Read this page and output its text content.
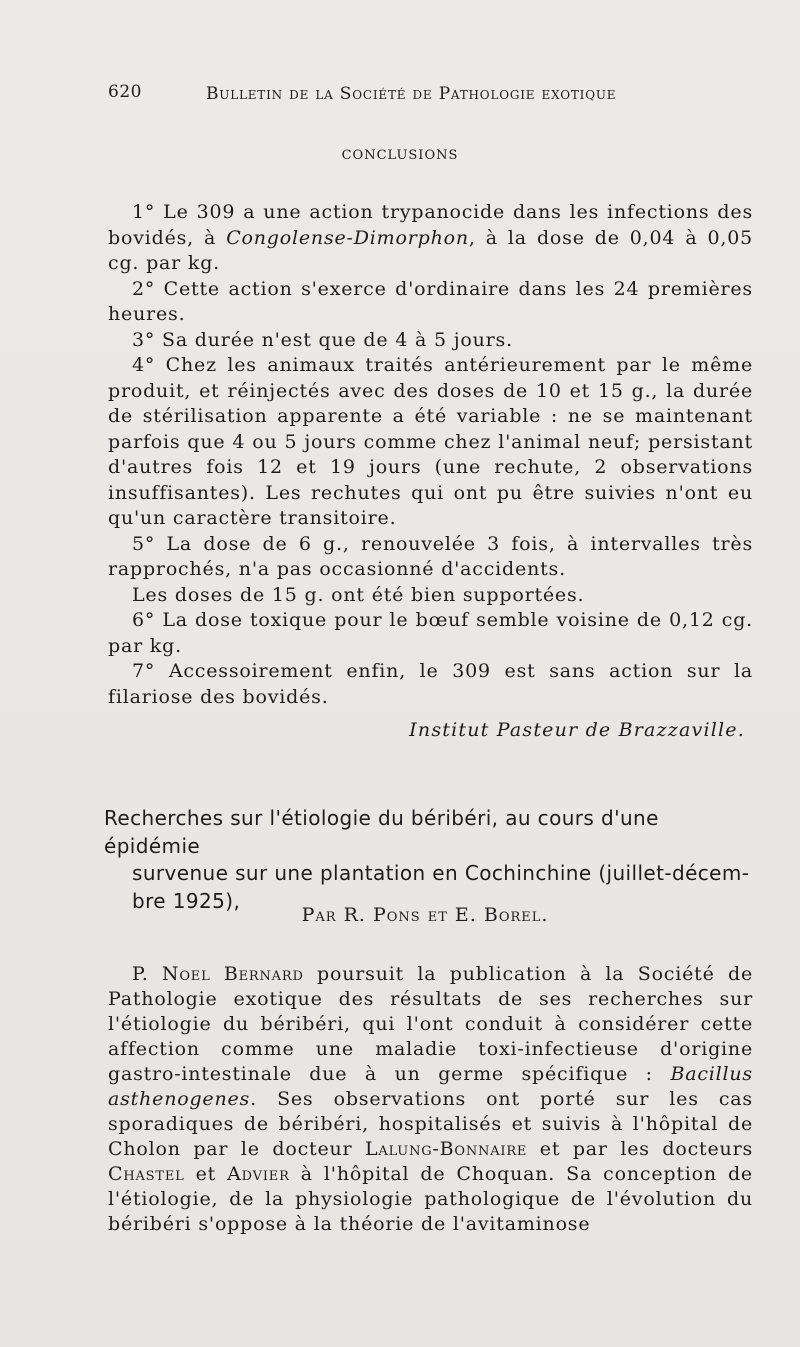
620	Bulletin de la Société de Pathologie exotique
CONCLUSIONS

1° Le 309 a une action trypanocide dans les infections des bovidés, à Congolense-Dimorphon, à la dose de 0,04 à 0,05 cg. par kg.

2° Cette action s'exerce d'ordinaire dans les 24 premières heures.

3° Sa durée n'est que de 4 à 5 jours.

4° Chez les animaux traités antérieurement par le même produit, et réinjectés avec des doses de 10 et 15 g., la durée de stérilisation apparente a été variable : ne se maintenant parfois que 4 ou 5 jours comme chez l'animal neuf; persistant d'autres fois 12 et 19 jours (une rechute, 2 observations insuffisantes). Les rechutes qui ont pu être suivies n'ont eu qu'un caractère transitoire.

5° La dose de 6 g., renouvelée 3 fois, à intervalles très rapprochés, n'a pas occasionné d'accidents.

Les doses de 15 g. ont été bien supportées.

6° La dose toxique pour le bœuf semble voisine de 0,12 cg. par kg.

7° Accessoirement enfin, le 309 est sans action sur la filariose des bovidés.

Institut Pasteur de Brazzaville.

Recherches sur l'étiologie du béribéri, au cours d'une épidémie
survenue sur une plantation en Cochinchine (juillet-décem-
bre 1925),
Par R. Pons et E. Borel.

P. Noel Bernard poursuit la publication à la Société de Pathologie exotique des résultats de ses recherches sur l'étiologie du béribéri, qui l'ont conduit à considérer cette affection comme une maladie toxi-infectieuse d'origine gastro-intestinale due à un germe spécifique : Bacillus asthenogenes. Ses observations ont porté sur les cas sporadiques de béribéri, hospitalisés et suivis à l'hôpital de Cholon par le docteur Lalung-Bonnaire et par les docteurs Chastel et Advier à l'hôpital de Choquan. Sa conception de l'étiologie, de la physiologie pathologique de l'évolution du béribéri s'oppose à la théorie de l'avitaminose
